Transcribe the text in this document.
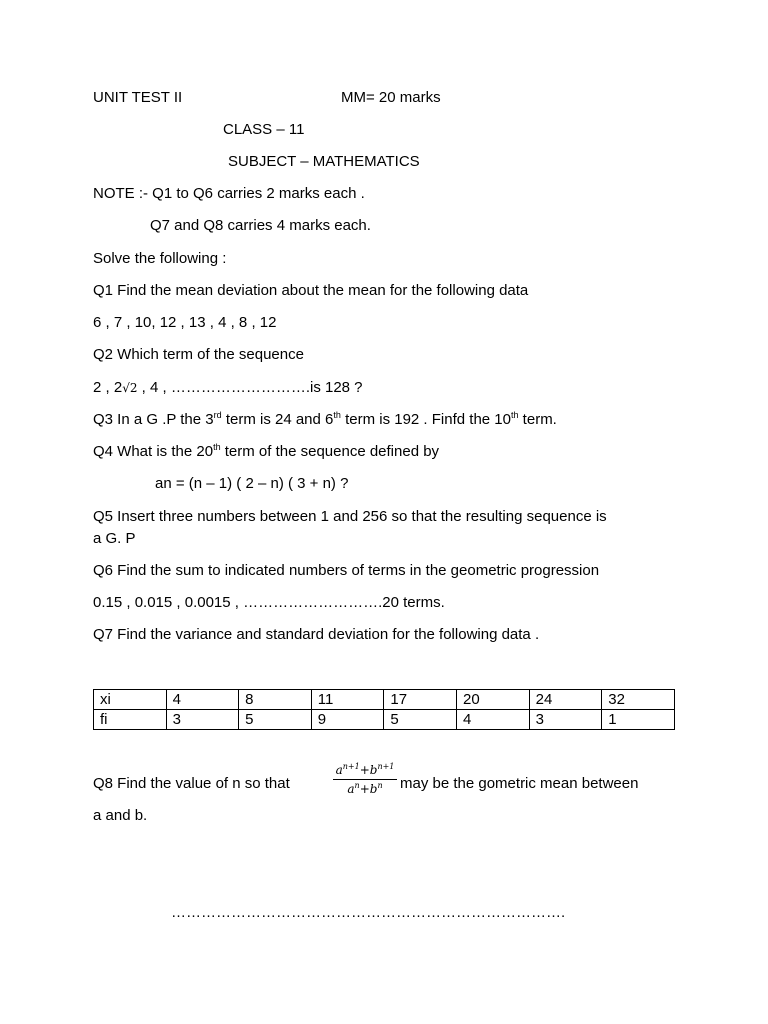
UNIT TEST II	MM= 20 marks
CLASS – 11
SUBJECT – MATHEMATICS
NOTE :- Q1 to Q6 carries 2 marks each .
Q7 and Q8 carries 4 marks each.
Solve the following :
Q1 Find the mean deviation about the mean for the following data
6 , 7 , 10, 12 , 13 , 4 , 8 , 12
Q2 Which term of the sequence
2 , 2√2 , 4 , ……………………….is 128 ?
Q3 In a G .P the 3rd term is 24 and 6th term is 192 . Finfd the 10th term.
Q4 What is the 20th term of the sequence defined by
an = (n – 1) ( 2 – n) ( 3 + n) ?
Q5 Insert three numbers between 1 and 256 so that the resulting sequence is
a G. P
Q6 Find the sum to indicated numbers of terms in the geometric progression
0.15 , 0.015 , 0.0015 , ……………………….20 terms.
Q7 Find the variance and standard deviation for the following data .
xi	4	8	11	17	20	24	32
fi	3	5	9	5	4	3	1
Q8 Find the value of n so that
$a^{n+1}+b^{n+1}$
$a^n+b^n$	may be the gometric mean between
a and b.
…………………………………………………………………….
